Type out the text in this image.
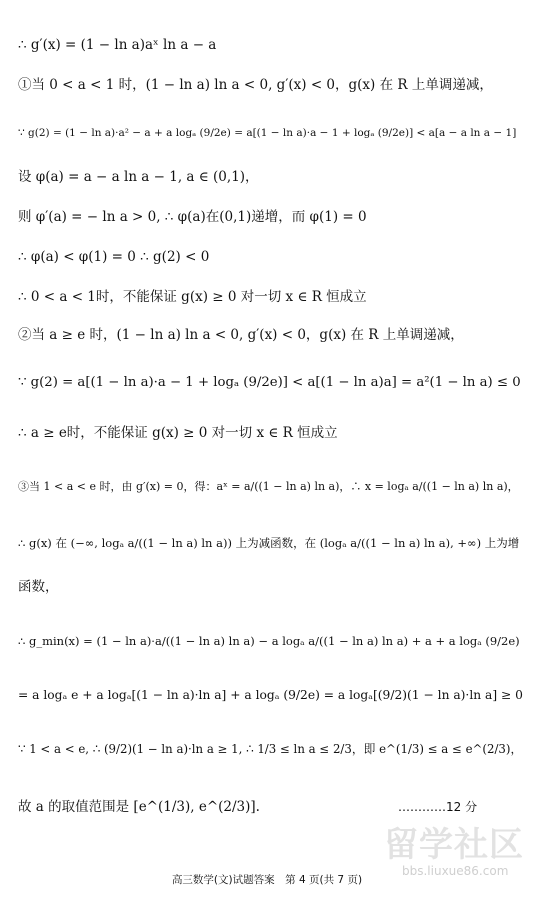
∴ g′(x) = (1 − ln a)aˣ ln a − a
①当 0 < a < 1 时，(1 − ln a) ln a < 0, g′(x) < 0，g(x) 在 R 上单调递减，
∵ g(2) = (1 − ln a)·a² − a + a logₐ (9/2e) = a[(1 − ln a)·a − 1 + logₐ (9/2e)] < a[a − a ln a − 1]
设 φ(a) = a − a ln a − 1, a ∈ (0,1)，
则 φ′(a) = − ln a > 0, ∴ φ(a)在(0,1)递增，而 φ(1) = 0
∴ φ(a) < φ(1) = 0 ∴ g(2) < 0
∴ 0 < a < 1时，不能保证 g(x) ≥ 0 对一切 x ∈ R 恒成立
②当 a ≥ e 时，(1 − ln a) ln a < 0, g′(x) < 0，g(x) 在 R 上单调递减，
∵ g(2) = a[(1 − ln a)·a − 1 + logₐ (9/2e)] < a[(1 − ln a)a] = a²(1 − ln a) ≤ 0
∴ a ≥ e时，不能保证 g(x) ≥ 0 对一切 x ∈ R 恒成立
③当 1 < a < e 时，由 g′(x) = 0，得：aˣ = a/((1 − ln a) ln a)，∴ x = logₐ a/((1 − ln a) ln a)，
∴ g(x) 在 (−∞, logₐ a/((1 − ln a) ln a)) 上为减函数，在 (logₐ a/((1 − ln a) ln a), +∞) 上为增
函数，
∴ g_min(x) = (1 − ln a)·a/((1 − ln a) ln a) − a logₐ a/((1 − ln a) ln a) + a + a logₐ (9/2e)
= a logₐ e + a logₐ[(1 − ln a)·ln a] + a logₐ (9/2e) = a logₐ[(9/2)(1 − ln a)·ln a] ≥ 0
∵ 1 < a < e, ∴ (9/2)(1 − ln a)·ln a ≥ 1, ∴ 1/3 ≤ ln a ≤ 2/3，即 e^(1/3) ≤ a ≤ e^(2/3)，
故 a 的取值范围是 [e^(1/3), e^(2/3)].	…………12 分
高三数学(文)试题答案　第 4 页(共 7 页)
留学社区
bbs.liuxue86.com
